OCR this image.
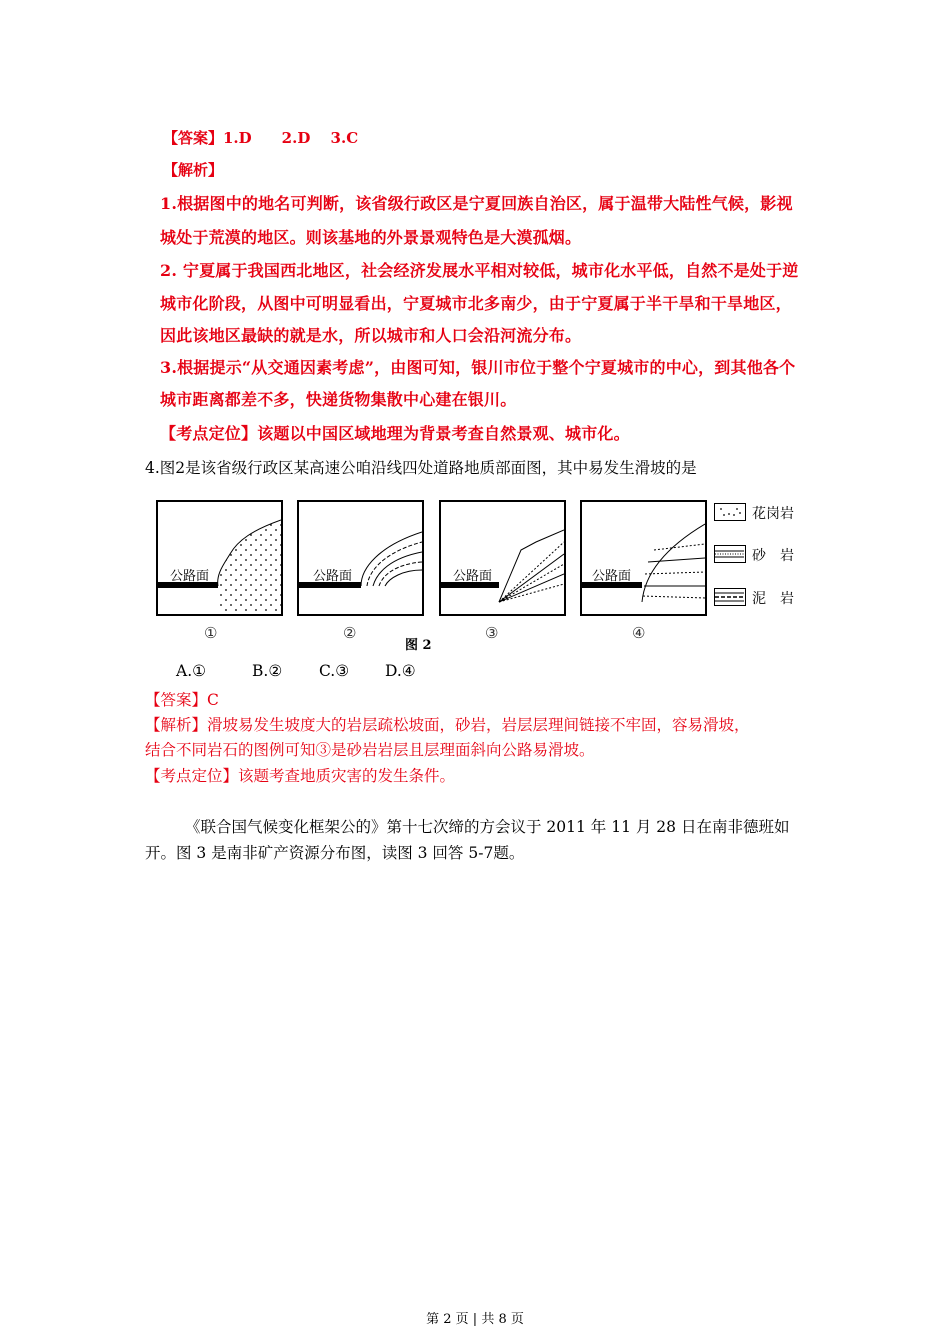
【答案】1.D　　2.D　 3.C
【解析】
1.根据图中的地名可判断，该省级行政区是宁夏回族自治区，属于温带大陆性气候，影视
城处于荒漠的地区。则该基地的外景景观特色是大漠孤烟。
2. 宁夏属于我国西北地区，社会经济发展水平相对较低，城市化水平低，自然不是处于逆
城市化阶段，从图中可明显看出，宁夏城市北多南少，由于宁夏属于半干旱和干旱地区，
因此该地区最缺的就是水，所以城市和人口会沿河流分布。
3.根据提示“从交通因素考虑”，由图可知，银川市位于整个宁夏城市的中心，到其他各个
城市距离都差不多，快递货物集散中心建在银川。
【考点定位】该题以中国区域地理为背景考查自然景观、城市化。
4.图2是该省级行政区某高速公咱沿线四处道路地质部面图，其中易发生滑坡的是
公路面	公路面	公路面	公路面
花岗岩
砂　岩
泥　岩
①	②	③	④
图 2
A.①	B.② C.③ D.④
【答案】C
【解析】滑坡易发生坡度大的岩层疏松坡面，砂岩，岩层层理间链接不牢固，容易滑坡，
结合不同岩石的图例可知③是砂岩岩层且层理面斜向公路易滑坡。
【考点定位】该题考查地质灾害的发生条件。
《联合国气候变化框架公的》第十七次缔的方会议于 2011 年 11 月 28 日在南非德班如
开。图 3 是南非矿产资源分布图，读图 3 回答 5-7题。
第 2 页 | 共 8 页
